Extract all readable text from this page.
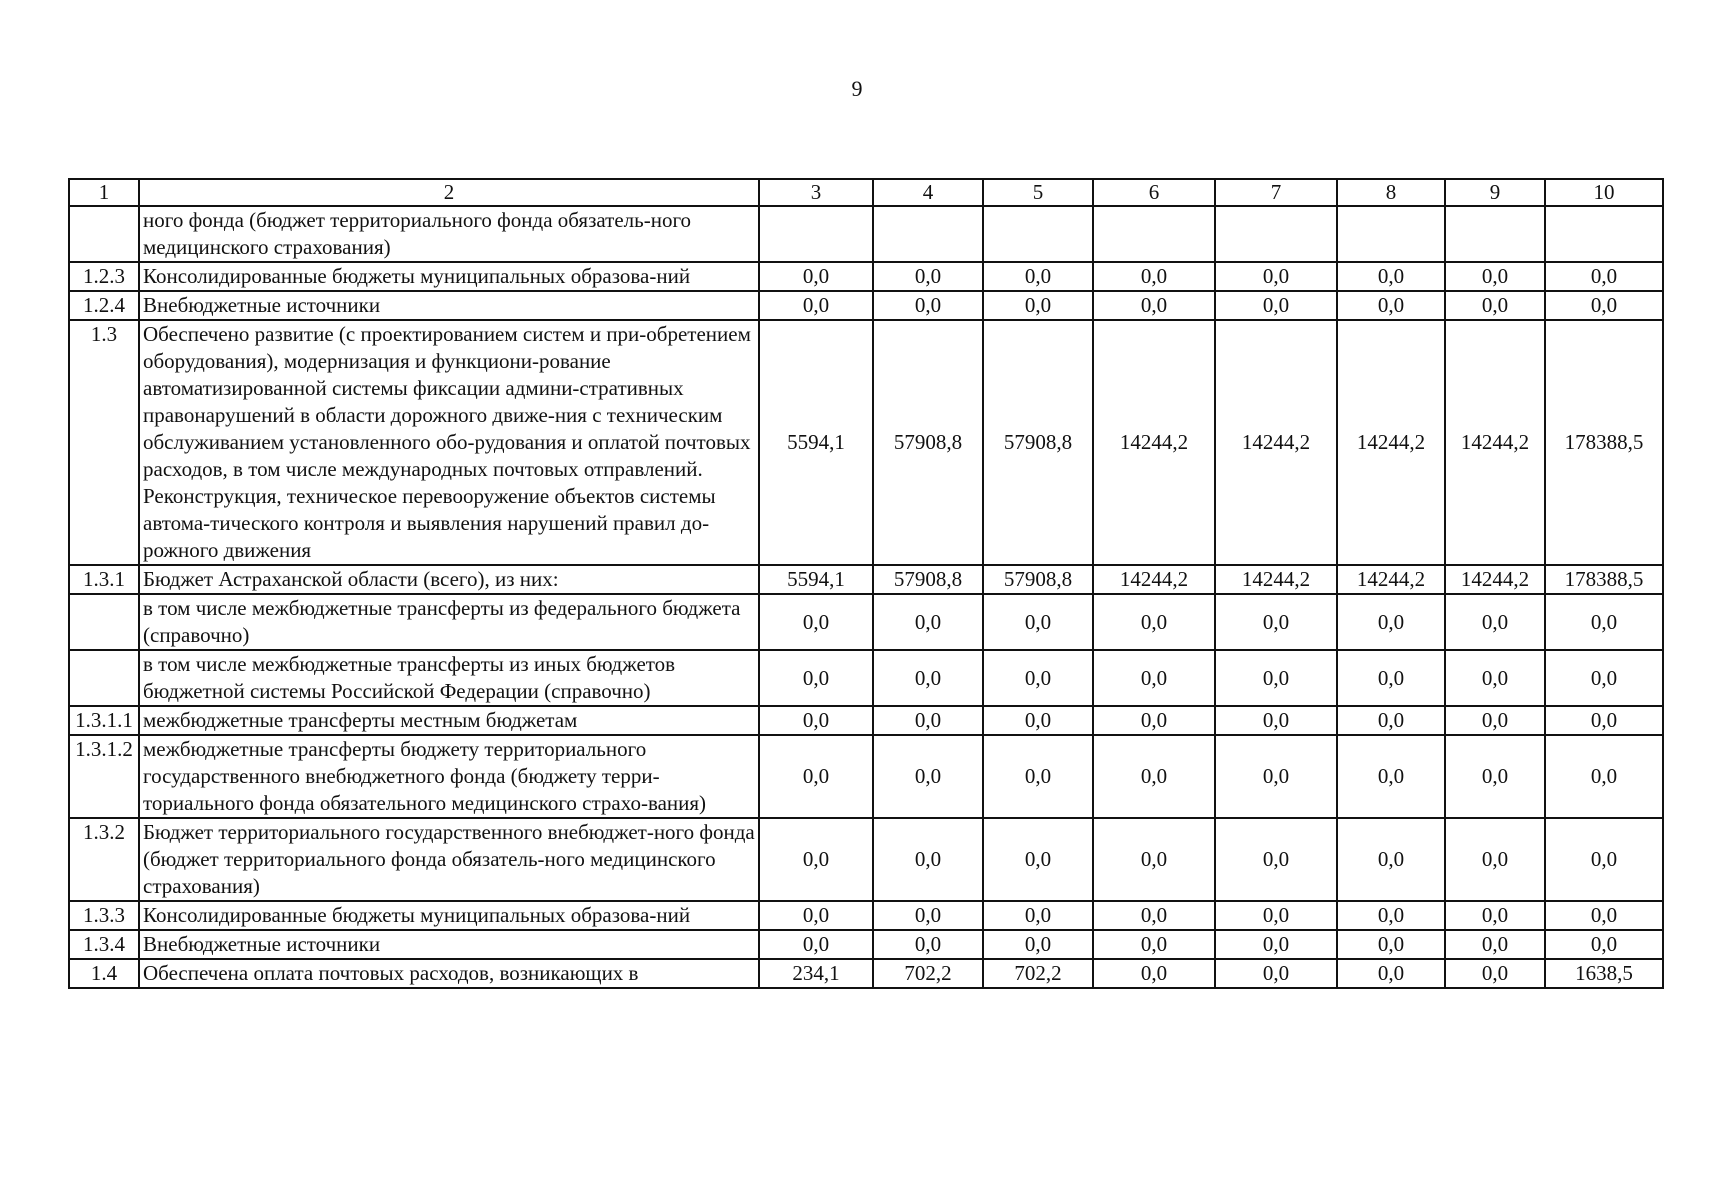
9
1	2	3	4	5	6	7	8	9	10
	ного фонда (бюджет территориального фонда обязатель-ного медицинского страхования)								
1.2.3	Консолидированные бюджеты муниципальных образова-ний	0,0	0,0	0,0	0,0	0,0	0,0	0,0	0,0
1.2.4	Внебюджетные источники	0,0	0,0	0,0	0,0	0,0	0,0	0,0	0,0
1.3	Обеспечено развитие (с проектированием систем и при-обретением оборудования), модернизация и функциони-рование автоматизированной системы фиксации админи-стративных правонарушений в области дорожного движе-ния с техническим обслуживанием установленного обо-рудования и оплатой почтовых расходов, в том числе международных почтовых отправлений. Реконструкция, техническое перевооружение объектов системы автома-тического контроля и выявления нарушений правил до-рожного движения	5594,1	57908,8	57908,8	14244,2	14244,2	14244,2	14244,2	178388,5
1.3.1	Бюджет Астраханской области (всего), из них:	5594,1	57908,8	57908,8	14244,2	14244,2	14244,2	14244,2	178388,5
	в том числе межбюджетные трансферты из федерального бюджета (справочно)	0,0	0,0	0,0	0,0	0,0	0,0	0,0	0,0
	в том числе межбюджетные трансферты из иных бюджетов бюджетной системы Российской Федерации (справочно)	0,0	0,0	0,0	0,0	0,0	0,0	0,0	0,0
1.3.1.1	межбюджетные трансферты местным бюджетам	0,0	0,0	0,0	0,0	0,0	0,0	0,0	0,0
1.3.1.2	межбюджетные трансферты бюджету территориального государственного внебюджетного фонда (бюджету терри-ториального фонда обязательного медицинского страхо-вания)	0,0	0,0	0,0	0,0	0,0	0,0	0,0	0,0
1.3.2	Бюджет территориального государственного внебюджет-ного фонда (бюджет территориального фонда обязатель-ного медицинского страхования)	0,0	0,0	0,0	0,0	0,0	0,0	0,0	0,0
1.3.3	Консолидированные бюджеты муниципальных образова-ний	0,0	0,0	0,0	0,0	0,0	0,0	0,0	0,0
1.3.4	Внебюджетные источники	0,0	0,0	0,0	0,0	0,0	0,0	0,0	0,0
1.4	Обеспечена оплата почтовых расходов, возникающих в	234,1	702,2	702,2	0,0	0,0	0,0	0,0	1638,5
